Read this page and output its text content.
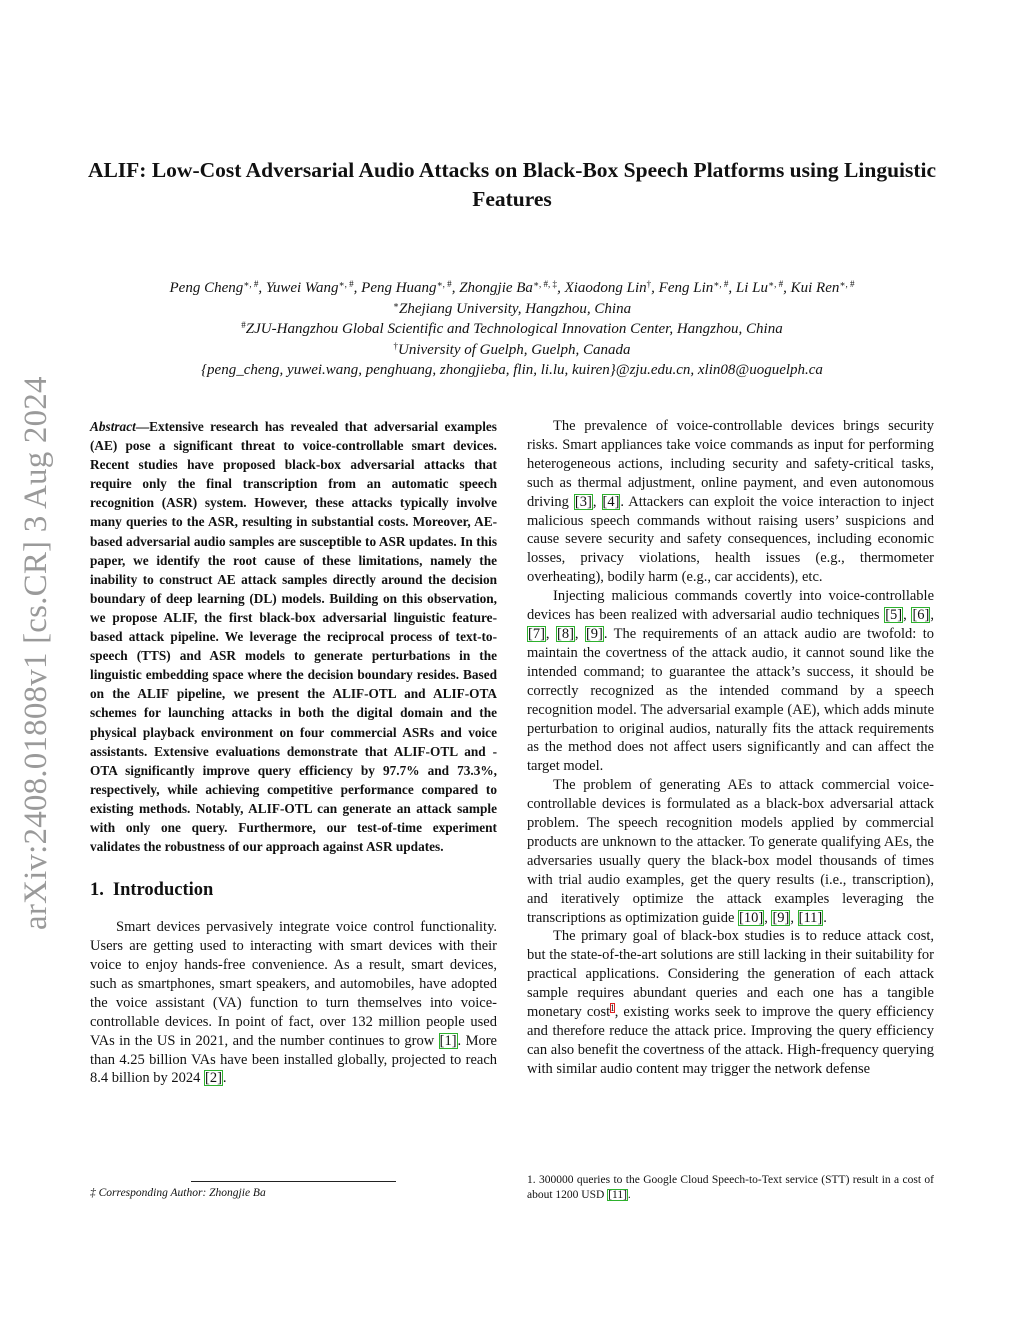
arXiv:2408.01808v1 [cs.CR] 3 Aug 2024
ALIF: Low-Cost Adversarial Audio Attacks on Black-Box Speech Platforms using Linguistic Features
Peng Cheng∗, #, Yuwei Wang∗, #, Peng Huang∗, #, Zhongjie Ba∗, #, ‡, Xiaodong Lin†, Feng Lin∗, #, Li Lu∗, #, Kui Ren∗, #
∗Zhejiang University, Hangzhou, China
#ZJU-Hangzhou Global Scientific and Technological Innovation Center, Hangzhou, China
†University of Guelph, Guelph, Canada
{peng_cheng, yuwei.wang, penghuang, zhongjieba, flin, li.lu, kuiren}@zju.edu.cn, xlin08@uoguelph.ca

Abstract—Extensive research has revealed that adversarial examples (AE) pose a significant threat to voice-controllable smart devices. Recent studies have proposed black-box adversarial attacks that require only the final transcription from an automatic speech recognition (ASR) system. However, these attacks typically involve many queries to the ASR, resulting in substantial costs. Moreover, AE-based adversarial audio samples are susceptible to ASR updates. In this paper, we identify the root cause of these limitations, namely the inability to construct AE attack samples directly around the decision boundary of deep learning (DL) models. Building on this observation, we propose ALIF, the first black-box adversarial linguistic feature-based attack pipeline. We leverage the reciprocal process of text-to-speech (TTS) and ASR models to generate perturbations in the linguistic embedding space where the decision boundary resides. Based on the ALIF pipeline, we present the ALIF-OTL and ALIF-OTA schemes for launching attacks in both the digital domain and the physical playback environment on four commercial ASRs and voice assistants. Extensive evaluations demonstrate that ALIF-OTL and -OTA significantly improve query efficiency by 97.7% and 73.3%, respectively, while achieving competitive performance compared to existing methods. Notably, ALIF-OTL can generate an attack sample with only one query. Furthermore, our test-of-time experiment validates the robustness of our approach against ASR updates.

1. Introduction

Smart devices pervasively integrate voice control functionality. Users are getting used to interacting with smart devices with their voice to enjoy hands-free convenience. As a result, smart devices, such as smartphones, smart speakers, and automobiles, have adopted the voice assistant (VA) function to turn themselves into voice-controllable devices. In point of fact, over 132 million people used VAs in the US in 2021, and the number continues to grow [1]. More than 4.25 billion VAs have been installed globally, projected to reach 8.4 billion by 2024 [2].

The prevalence of voice-controllable devices brings security risks. Smart appliances take voice commands as input for performing heterogeneous actions, including security and safety-critical tasks, such as thermal adjustment, online payment, and even autonomous driving [3], [4]. Attackers can exploit the voice interaction to inject malicious speech commands without raising users’ suspicions and cause severe security and safety consequences, including economic losses, privacy violations, health issues (e.g., thermometer overheating), bodily harm (e.g., car accidents), etc.

Injecting malicious commands covertly into voice-controllable devices has been realized with adversarial audio techniques [5], [6], [7], [8], [9]. The requirements of an attack audio are twofold: to maintain the covertness of the attack audio, it cannot sound like the intended command; to guarantee the attack’s success, it should be correctly recognized as the intended command by a speech recognition model. The adversarial example (AE), which adds minute perturbation to original audios, naturally fits the attack requirements as the method does not affect users significantly and can affect the target model.

The problem of generating AEs to attack commercial voice-controllable devices is formulated as a black-box adversarial attack problem. The speech recognition models applied by commercial products are unknown to the attacker. To generate qualifying AEs, the adversaries usually query the black-box model thousands of times with trial audio examples, get the query results (i.e., transcription), and iteratively optimize the attack examples leveraging the transcriptions as optimization guide [10], [9], [11].

The primary goal of black-box studies is to reduce attack cost, but the state-of-the-art solutions are still lacking in their suitability for practical applications. Considering the generation of each attack sample requires abundant queries and each one has a tangible monetary cost$^1$, existing works seek to improve the query efficiency and therefore reduce the attack price. Improving the query efficiency can also benefit the covertness of the attack. High-frequency querying with similar audio content may trigger the network defense

‡ Corresponding Author: Zhongjie Ba
1. 300000 queries to the Google Cloud Speech-to-Text service (STT) result in a cost of about 1200 USD [11].
